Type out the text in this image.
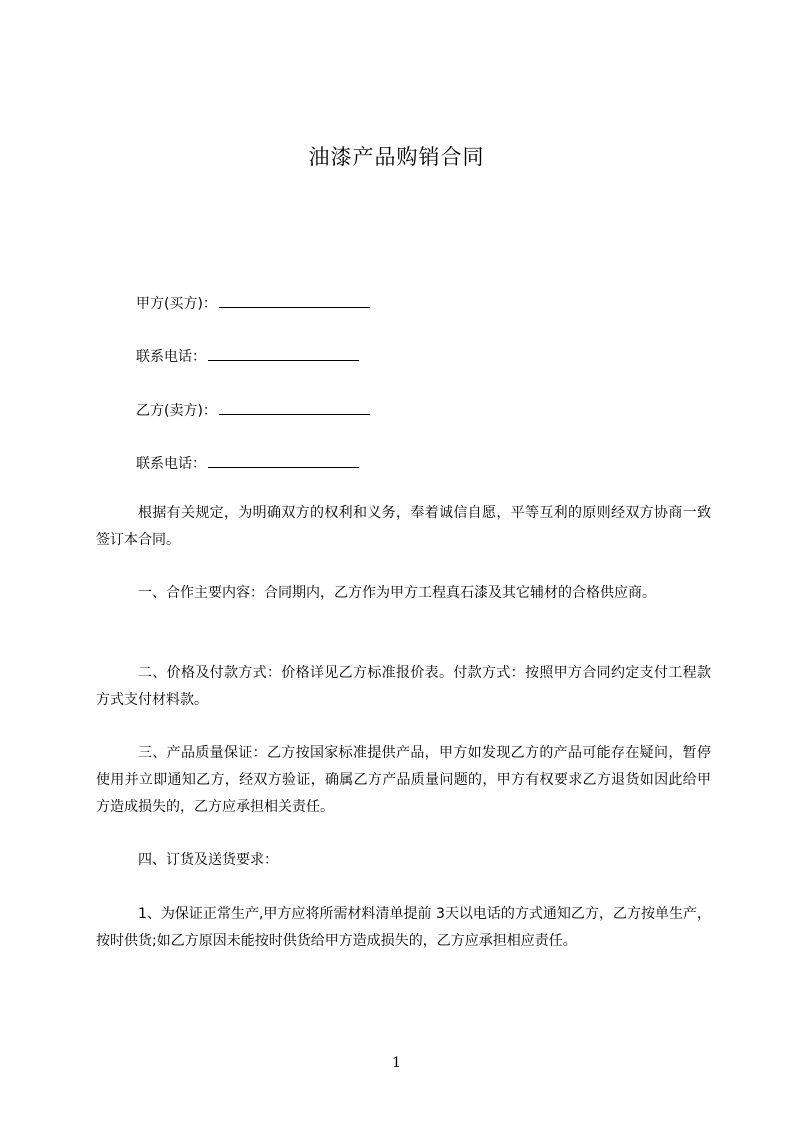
油漆产品购销合同
甲方(买方)：
联系电话：
乙方(卖方)：
联系电话：
根据有关规定，为明确双方的权利和义务，奉着诚信自愿，平等互利的原则经双方协商一致签订本合同。
一、合作主要内容：合同期内，乙方作为甲方工程真石漆及其它辅材的合格供应商。
二、价格及付款方式：价格详见乙方标准报价表。付款方式：按照甲方合同约定支付工程款方式支付材料款。
三、产品质量保证：乙方按国家标准提供产品，甲方如发现乙方的产品可能存在疑问，暂停使用并立即通知乙方，经双方验证，确属乙方产品质量问题的，甲方有权要求乙方退货如因此给甲方造成损失的，乙方应承担相关责任。
四、订货及送货要求：
1、为保证正常生产,甲方应将所需材料清单提前 3天以电话的方式通知乙方，乙方按单生产，按时供货;如乙方原因未能按时供货给甲方造成损失的，乙方应承担相应责任。
1
